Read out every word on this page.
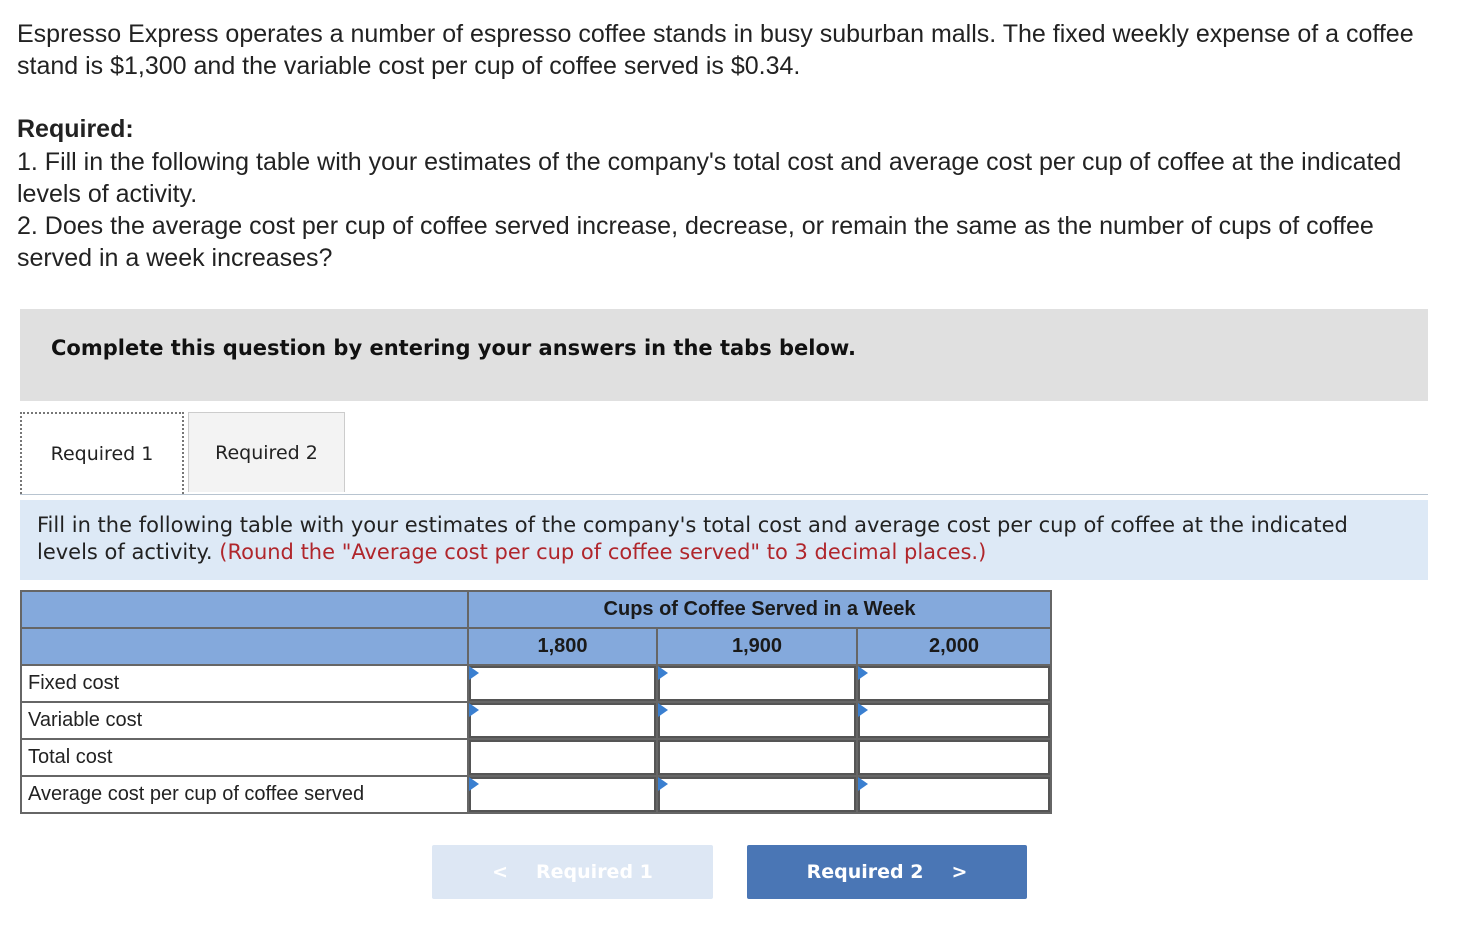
Espresso Express operates a number of espresso coffee stands in busy suburban malls. The fixed weekly expense of a coffee stand is $1,300 and the variable cost per cup of coffee served is $0.34.
Required:
1. Fill in the following table with your estimates of the company's total cost and average cost per cup of coffee at the indicated levels of activity.
2. Does the average cost per cup of coffee served increase, decrease, or remain the same as the number of cups of coffee served in a week increases?
Complete this question by entering your answers in the tabs below.
Required 1	Required 2
Fill in the following table with your estimates of the company's total cost and average cost per cup of coffee at the indicated levels of activity. (Round the "Average cost per cup of coffee served" to 3 decimal places.)
	Cups of Coffee Served in a Week		
	1,800	1,900	2,000
Fixed cost	

Variable cost	

Total cost			
Average cost per cup of coffee served	

< Required 1	Required 2 >
